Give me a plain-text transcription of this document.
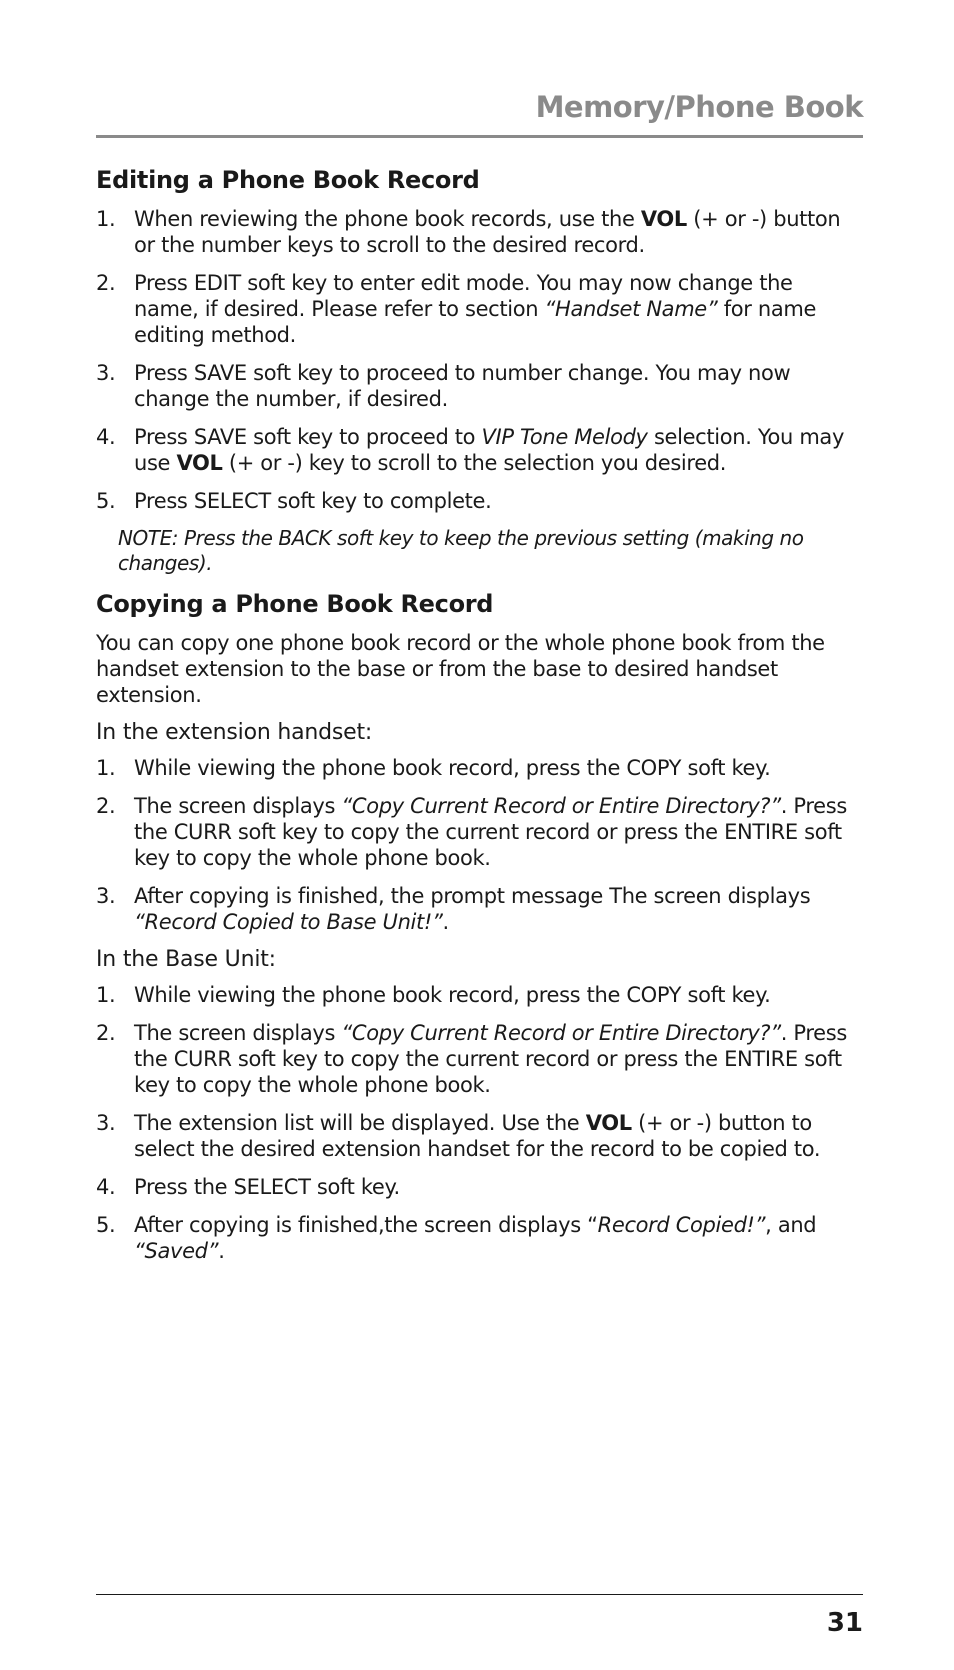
Memory/Phone Book
Editing a Phone Book Record
1. When reviewing the phone book records, use the VOL (+ or -) button or the number keys to scroll to the desired record.
2. Press EDIT soft key to enter edit mode. You may now change the name, if desired. Please refer to section “Handset Name” for name editing method.
3. Press SAVE soft key to proceed to number change. You may now change the number, if desired.
4. Press SAVE soft key to proceed to VIP Tone Melody selection. You may use VOL (+ or -) key to scroll to the selection you desired.
5. Press SELECT soft key to complete.
NOTE: Press the BACK soft key to keep the previous setting (making no changes).
Copying a Phone Book Record

You can copy one phone book record or the whole phone book from the handset extension to the base or from the base to desired handset extension.

In the extension handset:
1. While viewing the phone book record, press the COPY soft key.
2. The screen displays “Copy Current Record or Entire Directory?”. Press the CURR soft key to copy the current record or press the ENTIRE soft key to copy the whole phone book.
3. After copying is finished, the prompt message The screen displays “Record Copied to Base Unit!”.
In the Base Unit:
1. While viewing the phone book record, press the COPY soft key.
2. The screen displays “Copy Current Record or Entire Directory?”. Press the CURR soft key to copy the current record or press the ENTIRE soft key to copy the whole phone book.
3. The extension list will be displayed. Use the VOL (+ or -) button to select the desired extension handset for the record to be copied to.
4. Press the SELECT soft key.
5. After copying is finished,the screen displays “Record Copied!”, and “Saved”.
31
